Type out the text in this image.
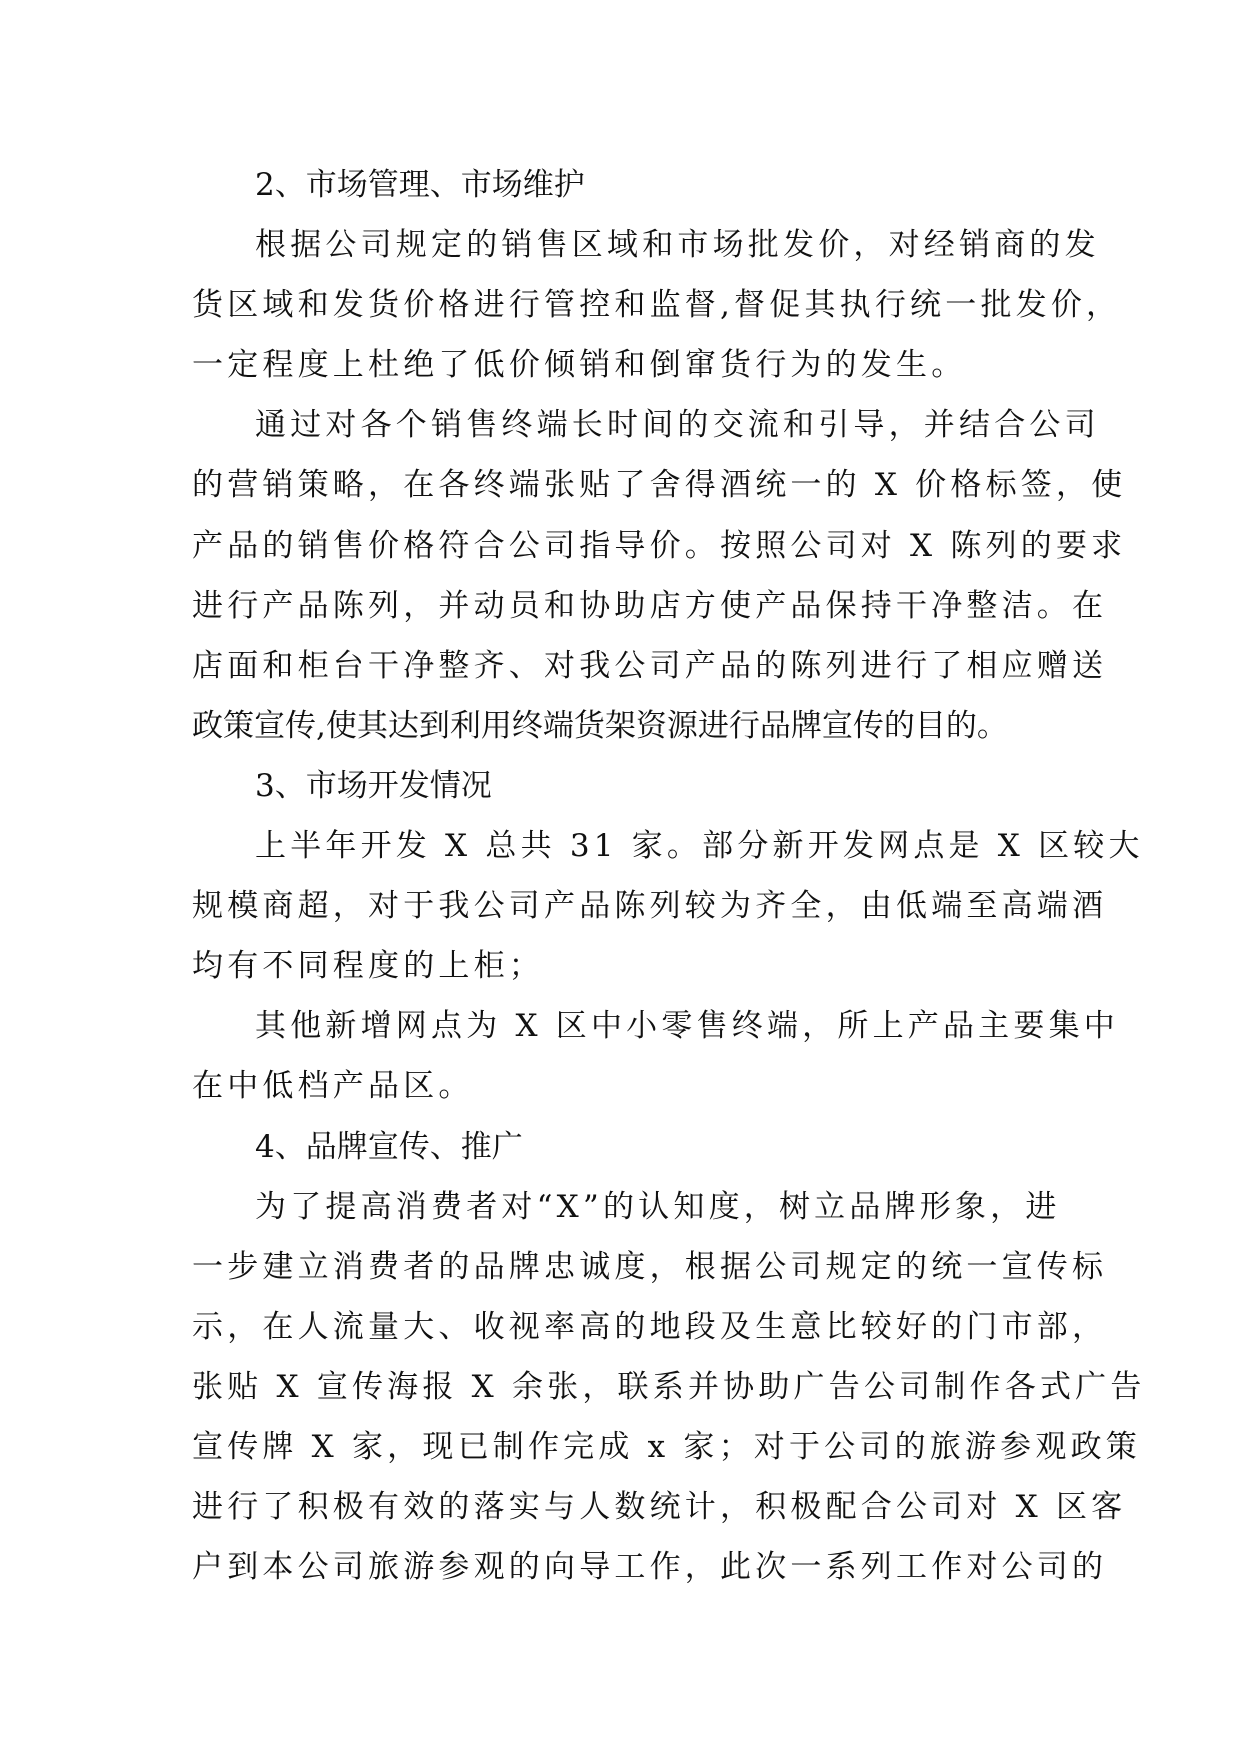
2、市场管理、市场维护
根据公司规定的销售区域和市场批发价，对经销商的发
货区域和发货价格进行管控和监督,督促其执行统一批发价，
一定程度上杜绝了低价倾销和倒窜货行为的发生。
通过对各个销售终端长时间的交流和引导，并结合公司
的营销策略，在各终端张贴了舍得酒统一的 X 价格标签，使
产品的销售价格符合公司指导价。按照公司对 X 陈列的要求
进行产品陈列，并动员和协助店方使产品保持干净整洁。在
店面和柜台干净整齐、对我公司产品的陈列进行了相应赠送
政策宣传,使其达到利用终端货架资源进行品牌宣传的目的。
3、市场开发情况
上半年开发 X 总共 31 家。部分新开发网点是 X 区较大
规模商超，对于我公司产品陈列较为齐全，由低端至高端酒
均有不同程度的上柜；
其他新增网点为 X 区中小零售终端，所上产品主要集中
在中低档产品区。
4、品牌宣传、推广
为了提高消费者对“X”的认知度，树立品牌形象，进
一步建立消费者的品牌忠诚度，根据公司规定的统一宣传标
示，在人流量大、收视率高的地段及生意比较好的门市部，
张贴 X 宣传海报 X 余张，联系并协助广告公司制作各式广告
宣传牌 X 家，现已制作完成 x 家；对于公司的旅游参观政策
进行了积极有效的落实与人数统计，积极配合公司对 X 区客
户到本公司旅游参观的向导工作，此次一系列工作对公司的
